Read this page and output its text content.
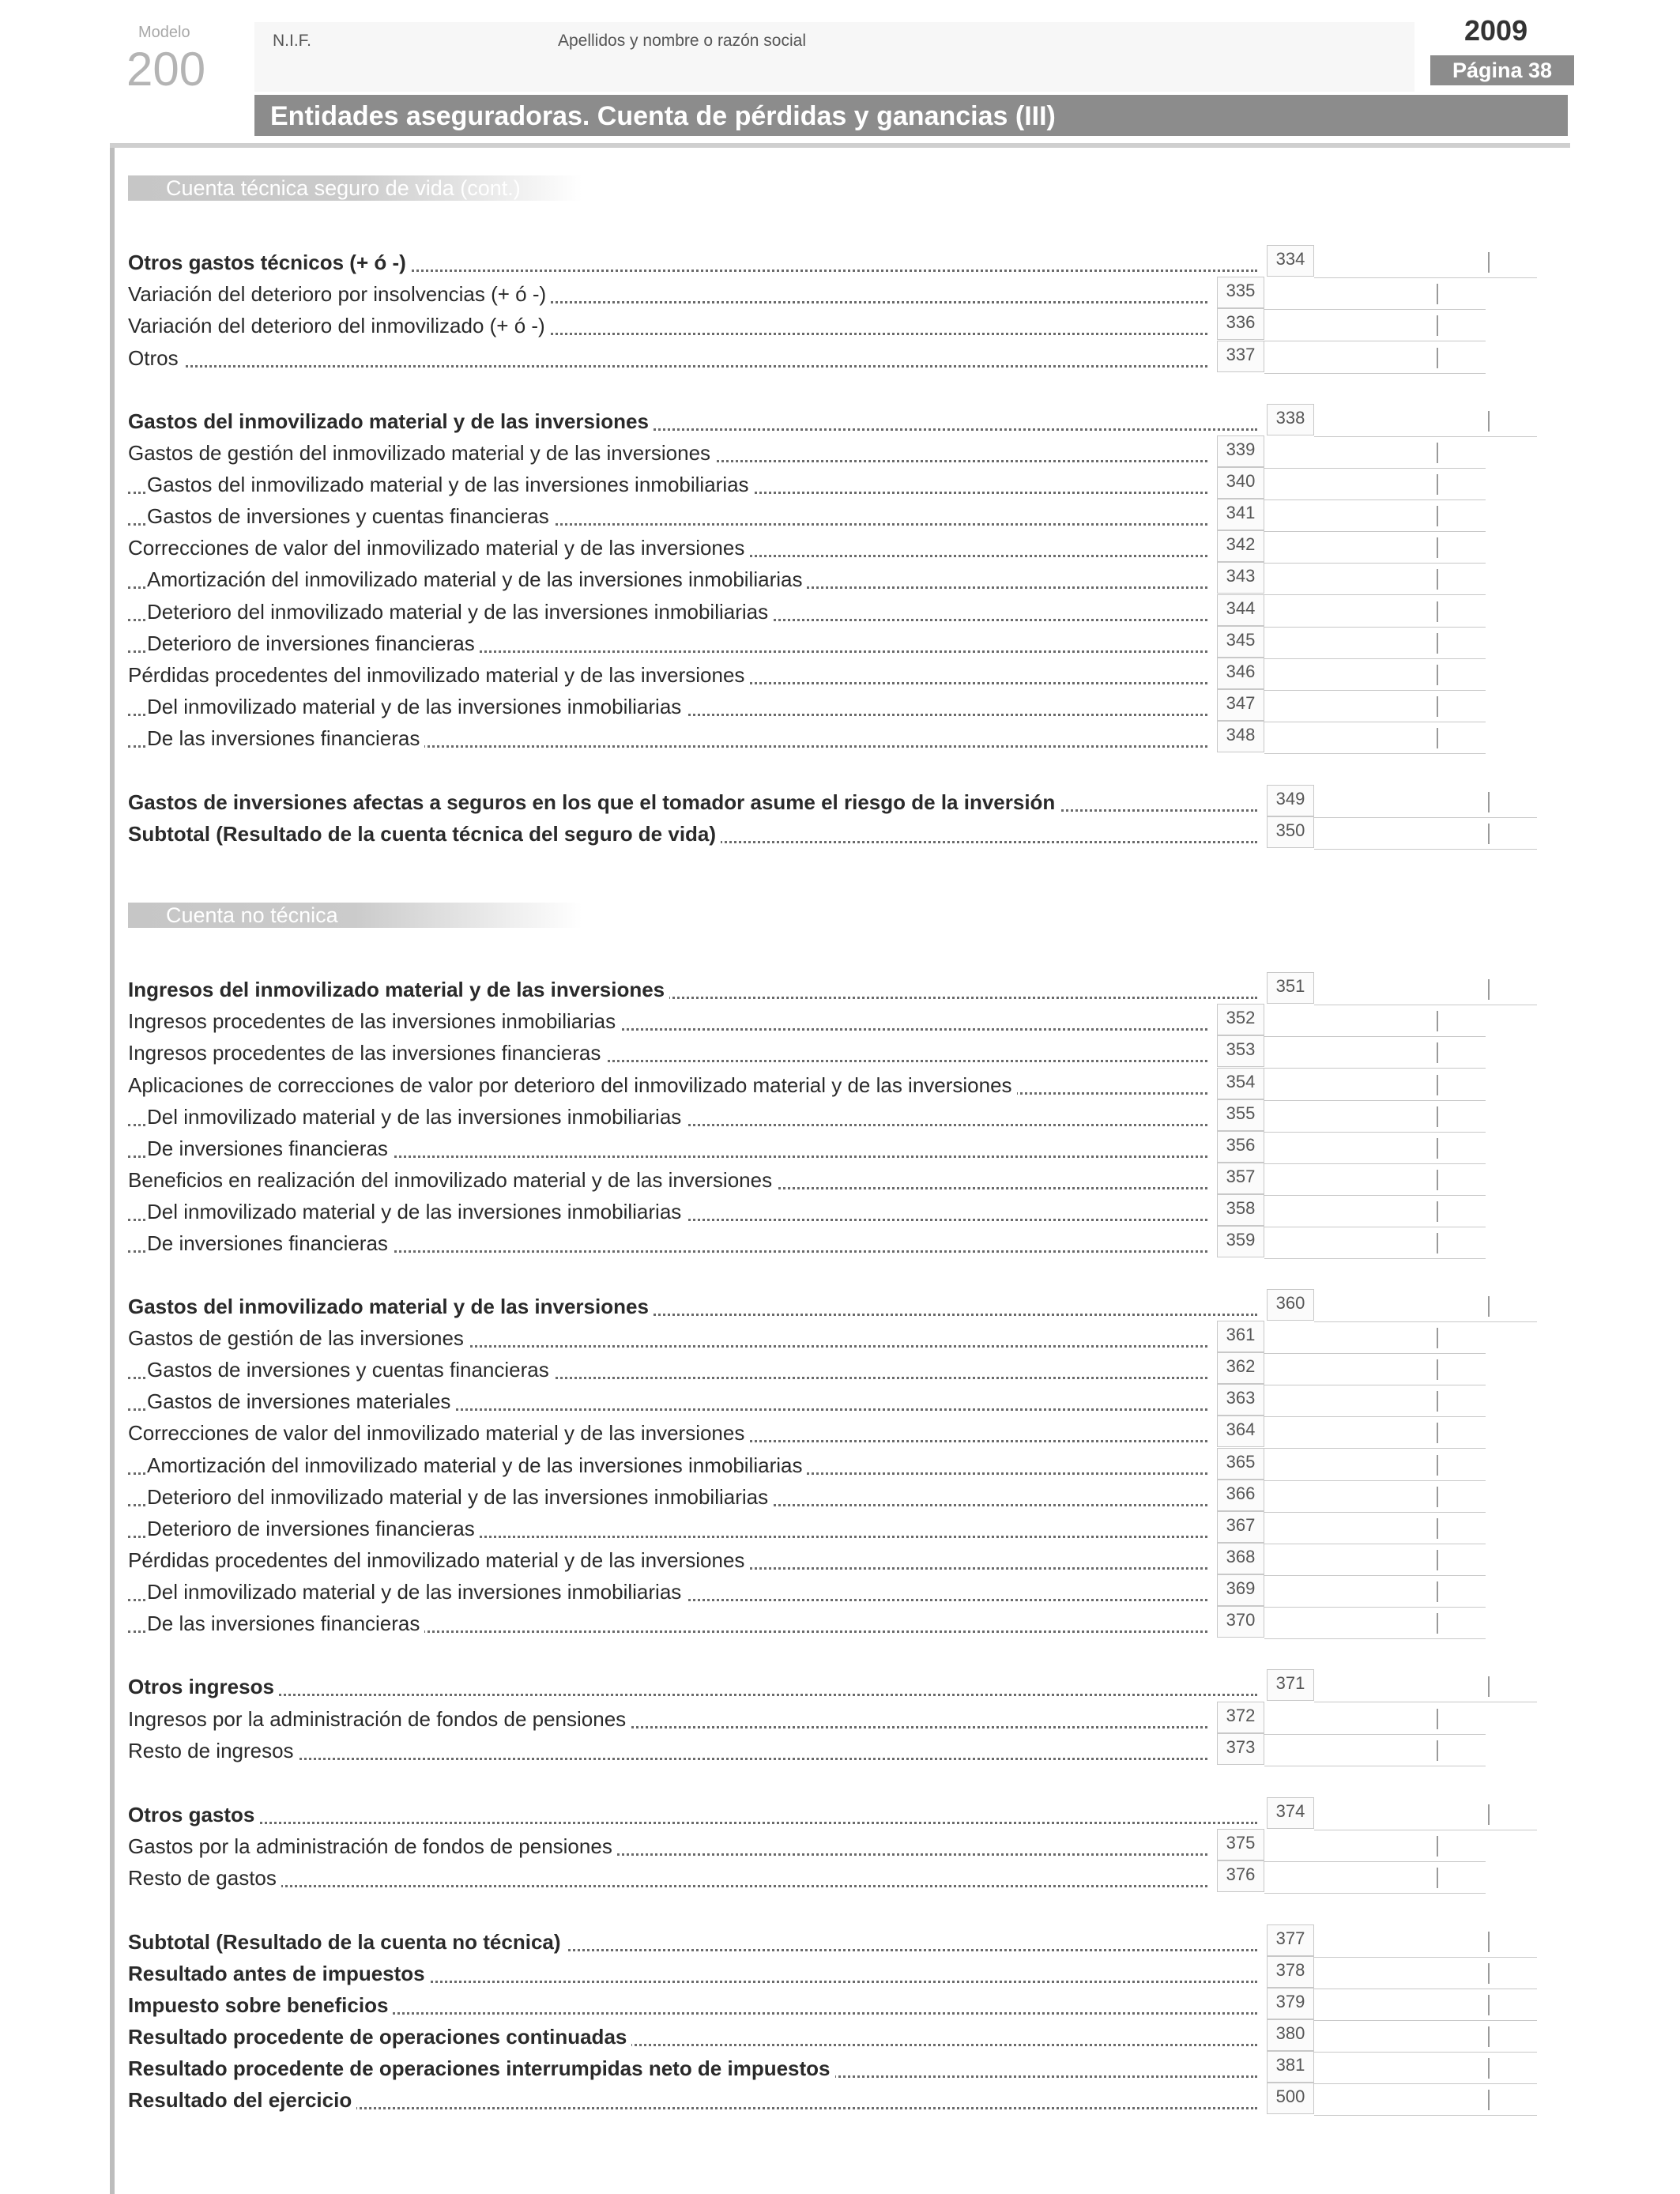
Modelo
200
N.I.F.	Apellidos y nombre o razón social	2009
Página 38
Entidades aseguradoras. Cuenta de pérdidas y ganancias (III)
Cuenta técnica seguro de vida (cont.)
Otros gastos técnicos (+ ó -)	334
Variación del deterioro por insolvencias (+ ó -)	335
Variación del deterioro del inmovilizado (+ ó -)	336
Otros	337
Gastos del inmovilizado material y de las inversiones	338
Gastos de gestión del inmovilizado material y de las inversiones	339
Gastos del inmovilizado material y de las inversiones inmobiliarias	340
Gastos de inversiones y cuentas financieras	341
Correcciones de valor del inmovilizado material y de las inversiones	342
Amortización del inmovilizado material y de las inversiones inmobiliarias	343
Deterioro del inmovilizado material y de las inversiones inmobiliarias	344
Deterioro de inversiones financieras	345
Pérdidas procedentes del inmovilizado material y de las inversiones	346
Del inmovilizado material y de las inversiones inmobiliarias	347
De las inversiones financieras	348
Gastos de inversiones afectas a seguros en los que el tomador asume el riesgo de la inversión	349
Subtotal (Resultado de la cuenta técnica del seguro de vida)	350
Cuenta no técnica
Ingresos del inmovilizado material y de las inversiones	351
Ingresos procedentes de las inversiones inmobiliarias	352
Ingresos procedentes de las inversiones financieras	353
Aplicaciones de correcciones de valor por deterioro del inmovilizado material y de las inversiones	354
Del inmovilizado material y de las inversiones inmobiliarias	355
De inversiones financieras	356
Beneficios en realización del inmovilizado material y de las inversiones	357
Del inmovilizado material y de las inversiones inmobiliarias	358
De inversiones financieras	359
Gastos del inmovilizado material y de las inversiones	360
Gastos de gestión de las inversiones	361
Gastos de inversiones y cuentas financieras	362
Gastos de inversiones materiales	363
Correcciones de valor del inmovilizado material y de las inversiones	364
Amortización del inmovilizado material y de las inversiones inmobiliarias	365
Deterioro del inmovilizado material y de las inversiones inmobiliarias	366
Deterioro de inversiones financieras	367
Pérdidas procedentes del inmovilizado material y de las inversiones	368
Del inmovilizado material y de las inversiones inmobiliarias	369
De las inversiones financieras	370
Otros ingresos	371
Ingresos por la administración de fondos de pensiones	372
Resto de ingresos	373
Otros gastos	374
Gastos por la administración de fondos de pensiones	375
Resto de gastos	376
Subtotal (Resultado de la cuenta no técnica)	377
Resultado antes de impuestos	378
Impuesto sobre beneficios	379
Resultado procedente de operaciones continuadas	380
Resultado procedente de operaciones interrumpidas neto de impuestos	381
Resultado del ejercicio	500
